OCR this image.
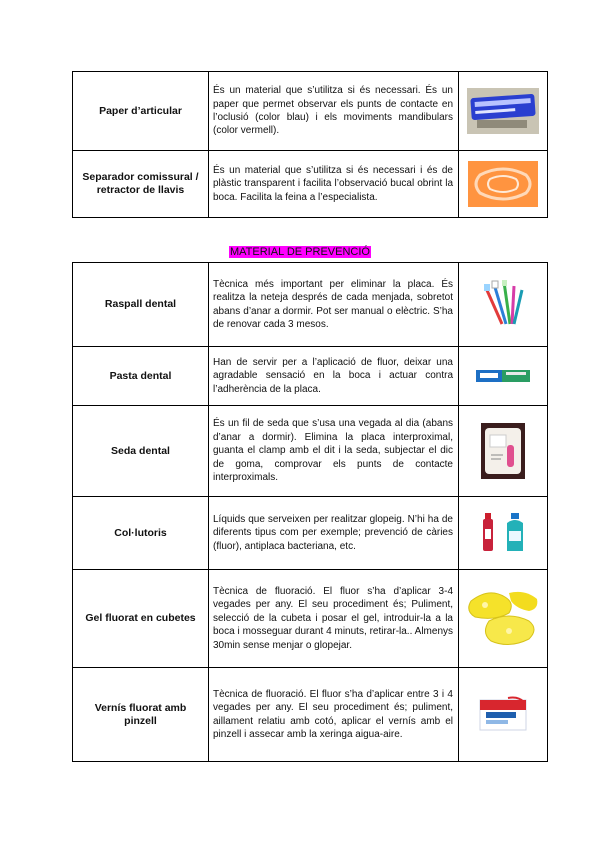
Paper d’articular	És un material que s’utilitza si és necessari. És un paper que permet observar els punts de contacte en l’oclusió (color blau) i els moviments mandibulars (color vermell).	

Separador comissural / retractor de llavis	És un material que s’utilitza si és necessari i és de plàstic transparent i facilita l’observació bucal obrint la boca. Facilita la feina a l’especialista.	
MATERIAL DE PREVENCIÓ
Raspall dental	Tècnica més important per eliminar la placa. És realitza la neteja després de cada menjada, sobretot abans d’anar a dormir. Pot ser manual o elèctric. S’ha de renovar cada 3 mesos.	

Pasta dental	Han de servir per a l’aplicació de fluor, deixar una agradable sensació en la boca i actuar contra l’adherència de la placa.	

Seda dental	És un fil de seda que s’usa una vegada al dia (abans d’anar a dormir). Elimina la placa interproximal, guanta el clamp amb el dit i la seda, subjectar el dic de goma, comprovar els punts de contacte interproximals.	

Col·lutoris	Líquids que serveixen per realitzar glopeig. N’hi ha de diferents tipus com per exemple; prevenció de càries (fluor), antiplaca bacteriana, etc.	

Gel fluorat en cubetes	Tècnica de fluoració. El fluor s’ha d’aplicar 3-4 vegades per any. El seu procediment és; Puliment, selecció de la cubeta i posar el gel, introduir-la a la boca i mosseguar durant 4 minuts, retirar-la.. Almenys 30min sense menjar o glopejar.	

Vernís fluorat amb pinzell	Tècnica de fluoració. El fluor s’ha d’aplicar entre 3 i 4 vegades per any. El seu procediment és; puliment, aillament relatiu amb cotó, aplicar el vernís amb el pinzell i assecar amb la xeringa aigua-aire.	
